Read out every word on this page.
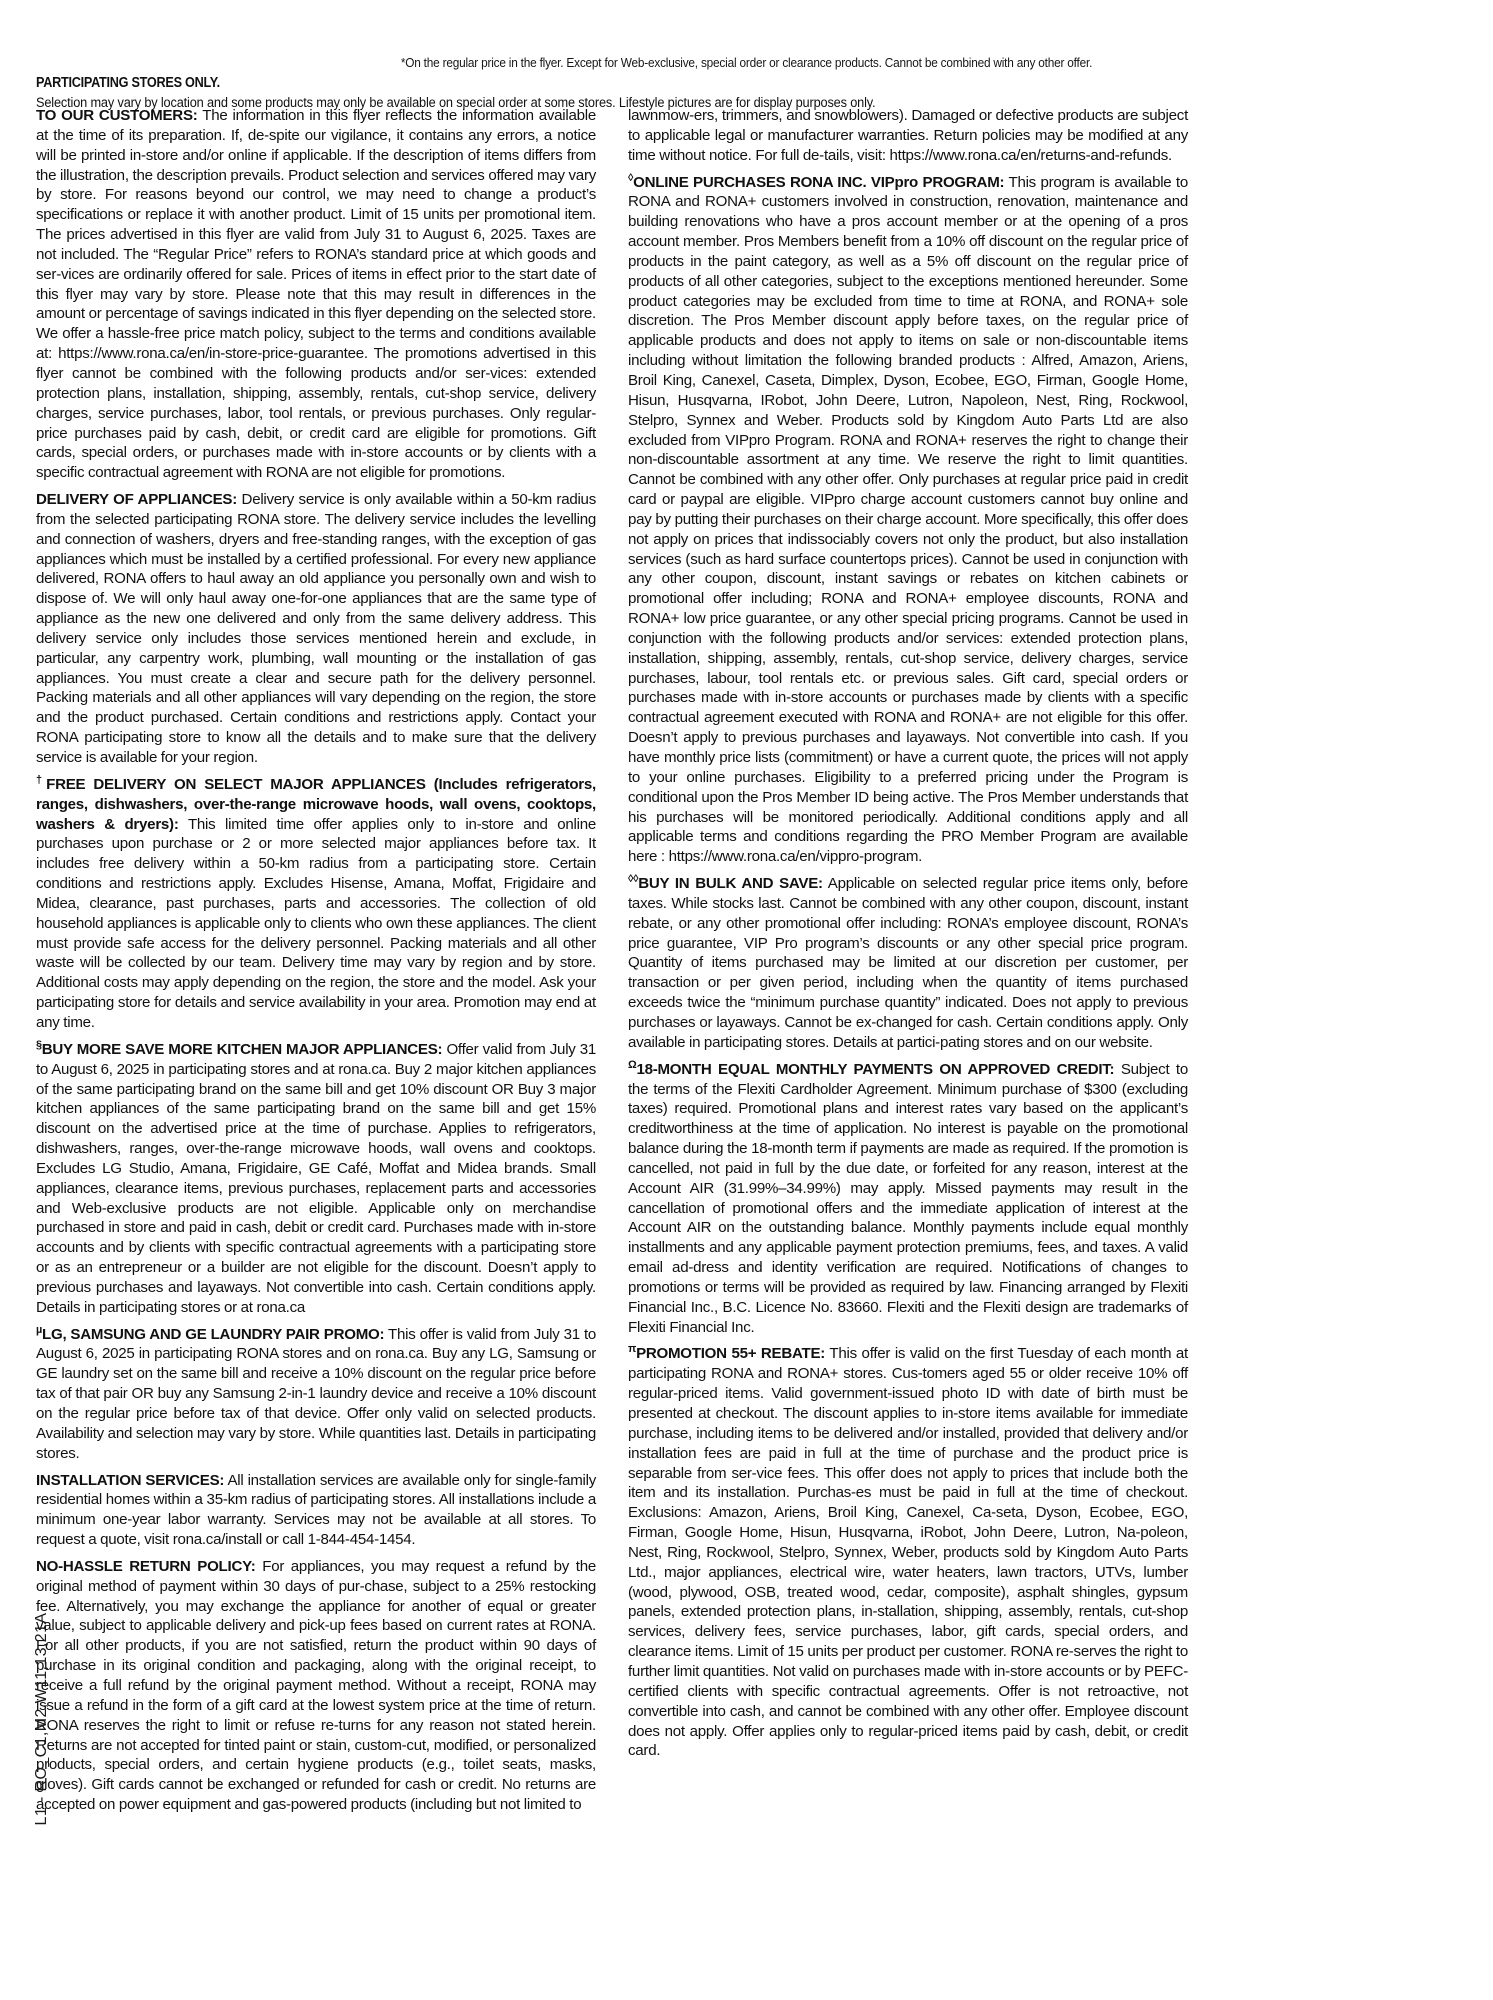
*On the regular price in the flyer. Except for Web-exclusive, special order or clearance products. Cannot be combined with any other offer.
PARTICIPATING STORES ONLY.
Selection may vary by location and some products may only be available on special order at some stores. Lifestyle pictures are for display purposes only.

TO OUR CUSTOMERS: The information in this flyer reflects the information available at the time of its preparation. If, de-spite our vigilance, it contains any errors, a notice will be printed in-store and/or online if applicable. If the description of items differs from the illustration, the description prevails. Product selection and services offered may vary by store. For reasons beyond our control, we may need to change a product’s specifications or replace it with another product. Limit of 15 units per promotional item. The prices advertised in this flyer are valid from July 31 to August 6, 2025. Taxes are not included. The “Regular Price” refers to RONA’s standard price at which goods and ser-vices are ordinarily offered for sale. Prices of items in effect prior to the start date of this flyer may vary by store. Please note that this may result in differences in the amount or percentage of savings indicated in this flyer depending on the selected store. We offer a hassle-free price match policy, subject to the terms and conditions available at: https://www.rona.ca/en/in-store-price-guarantee. The promotions advertised in this flyer cannot be combined with the following products and/or ser-vices: extended protection plans, installation, shipping, assembly, rentals, cut-shop service, delivery charges, service purchases, labor, tool rentals, or previous purchases. Only regular-price purchases paid by cash, debit, or credit card are eligible for promotions. Gift cards, special orders, or purchases made with in-store accounts or by clients with a specific contractual agreement with RONA are not eligible for promotions.

DELIVERY OF APPLIANCES: Delivery service is only available within a 50-km radius from the selected participating RONA store. The delivery service includes the levelling and connection of washers, dryers and free-standing ranges, with the exception of gas appliances which must be installed by a certified professional. For every new appliance delivered, RONA offers to haul away an old appliance you personally own and wish to dispose of. We will only haul away one-for-one appliances that are the same type of appliance as the new one delivered and only from the same delivery address. This delivery service only includes those services mentioned herein and exclude, in particular, any carpentry work, plumbing, wall mounting or the installation of gas appliances. You must create a clear and secure path for the delivery personnel. Packing materials and all other appliances will vary depending on the region, the store and the product purchased. Certain conditions and restrictions apply. Contact your RONA participating store to know all the details and to make sure that the delivery service is available for your region.

†FREE DELIVERY ON SELECT MAJOR APPLIANCES (Includes refrigerators, ranges, dishwashers, over-the-range microwave hoods, wall ovens, cooktops, washers & dryers): This limited time offer applies only to in-store and online purchases upon purchase or 2 or more selected major appliances before tax. It includes free delivery within a 50-km radius from a participating store. Certain conditions and restrictions apply. Excludes Hisense, Amana, Moffat, Frigidaire and Midea, clearance, past purchases, parts and accessories. The collection of old household appliances is applicable only to clients who own these appliances. The client must provide safe access for the delivery personnel. Packing materials and all other waste will be collected by our team. Delivery time may vary by region and by store. Additional costs may apply depending on the region, the store and the model. Ask your participating store for details and service availability in your area. Promotion may end at any time.

§BUY MORE SAVE MORE KITCHEN MAJOR APPLIANCES: Offer valid from July 31 to August 6, 2025 in participating stores and at rona.ca. Buy 2 major kitchen appliances of the same participating brand on the same bill and get 10% discount OR Buy 3 major kitchen appliances of the same participating brand on the same bill and get 15% discount on the advertised price at the time of purchase. Applies to refrigerators, dishwashers, ranges, over-the-range microwave hoods, wall ovens and cooktops. Excludes LG Studio, Amana, Frigidaire, GE Café, Moffat and Midea brands. Small appliances, clearance items, previous purchases, replacement parts and accessories and Web-exclusive products are not eligible. Applicable only on merchandise purchased in store and paid in cash, debit or credit card. Purchases made with in-store accounts and by clients with specific contractual agreements with a participating store or as an entrepreneur or a builder are not eligible for the discount. Doesn’t apply to previous purchases and layaways. Not convertible into cash. Certain conditions apply. Details in participating stores or at rona.ca

$^\mu$LG, SAMSUNG AND GE LAUNDRY PAIR PROMO: This offer is valid from July 31 to August 6, 2025 in participating RONA stores and on rona.ca. Buy any LG, Samsung or GE laundry set on the same bill and receive a 10% discount on the regular price before tax of that pair OR buy any Samsung 2-in-1 laundry device and receive a 10% discount on the regular price before tax of that device. Offer only valid on selected products. Availability and selection may vary by store. While quantities last. Details in participating stores.

INSTALLATION SERVICES: All installation services are available only for single-family residential homes within a 35-km radius of participating stores. All installations include a minimum one-year labor warranty. Services may not be available at all stores. To request a quote, visit rona.ca/install or call 1-844-454-1454.

NO-HASSLE RETURN POLICY: For appliances, you may request a refund by the original method of payment within 30 days of pur-chase, subject to a 25% restocking fee. Alternatively, you may exchange the appliance for another of equal or greater value, subject to applicable delivery and pick-up fees based on current rates at RONA. For all other products, if you are not satisfied, return the product within 90 days of purchase in its original condition and packaging, along with the original receipt, to receive a full refund by the original payment method. Without a receipt, RONA may issue a refund in the form of a gift card at the lowest system price at the time of return. RONA reserves the right to limit or refuse re-turns for any reason not stated herein. Returns are not accepted for tinted paint or stain, custom-cut, modified, or personalized products, special orders, and certain hygiene products (e.g., toilet seats, masks, gloves). Gift cards cannot be exchanged or refunded for cash or credit. No returns are accepted on power equipment and gas-powered products (including but not limited to

lawnmow-ers, trimmers, and snowblowers). Damaged or defective products are subject to applicable legal or manufacturer warranties. Return policies may be modified at any time without notice. For full de-tails, visit: https://www.rona.ca/en/returns-and-refunds.

◊ONLINE PURCHASES RONA INC. VIPpro PROGRAM: This program is available to RONA and RONA+ customers involved in construction, renovation, maintenance and building renovations who have a pros account member or at the opening of a pros account member. Pros Members benefit from a 10% off discount on the regular price of products in the paint category, as well as a 5% off discount on the regular price of products of all other categories, subject to the exceptions mentioned hereunder. Some product categories may be excluded from time to time at RONA, and RONA+ sole discretion. The Pros Member discount apply before taxes, on the regular price of applicable products and does not apply to items on sale or non-discountable items including without limitation the following branded products : Alfred, Amazon, Ariens, Broil King, Canexel, Caseta, Dimplex, Dyson, Ecobee, EGO, Firman, Google Home, Hisun, Husqvarna, IRobot, John Deere, Lutron, Napoleon, Nest, Ring, Rockwool, Stelpro, Synnex and Weber. Products sold by Kingdom Auto Parts Ltd are also excluded from VIPpro Program. RONA and RONA+ reserves the right to change their non-discountable assortment at any time. We reserve the right to limit quantities. Cannot be combined with any other offer. Only purchases at regular price paid in credit card or paypal are eligible. VIPpro charge account customers cannot buy online and pay by putting their purchases on their charge account. More specifically, this offer does not apply on prices that indissociably covers not only the product, but also installation services (such as hard surface countertops prices). Cannot be used in conjunction with any other coupon, discount, instant savings or rebates on kitchen cabinets or promotional offer including; RONA and RONA+ employee discounts, RONA and RONA+ low price guarantee, or any other special pricing programs. Cannot be used in conjunction with the following products and/or services: extended protection plans, installation, shipping, assembly, rentals, cut-shop service, delivery charges, service purchases, labour, tool rentals etc. or previous sales. Gift card, special orders or purchases made with in-store accounts or purchases made by clients with a specific contractual agreement executed with RONA and RONA+ are not eligible for this offer. Doesn’t apply to previous purchases and layaways. Not convertible into cash. If you have monthly price lists (commitment) or have a current quote, the prices will not apply to your online purchases. Eligibility to a preferred pricing under the Program is conditional upon the Pros Member ID being active. The Pros Member understands that his purchases will be monitored periodically. Additional conditions apply and all applicable terms and conditions regarding the PRO Member Program are available here : https://www.rona.ca/en/vippro-program.

◊◊BUY IN BULK AND SAVE: Applicable on selected regular price items only, before taxes. While stocks last. Cannot be combined with any other coupon, discount, instant rebate, or any other promotional offer including: RONA’s employee discount, RONA’s price guarantee, VIP Pro program’s discounts or any other special price program. Quantity of items purchased may be limited at our discretion per customer, per transaction or per given period, including when the quantity of items purchased exceeds twice the “minimum purchase quantity” indicated. Does not apply to previous purchases or layaways. Cannot be ex-changed for cash. Certain conditions apply. Only available in participating stores. Details at partici-pating stores and on our website.

$^\Omega$18-MONTH EQUAL MONTHLY PAYMENTS ON APPROVED CREDIT: Subject to the terms of the Flexiti Cardholder Agreement. Minimum purchase of $300 (excluding taxes) required. Promotional plans and interest rates vary based on the applicant’s creditworthiness at the time of application. No interest is payable on the promotional balance during the 18-month term if payments are made as required. If the promotion is cancelled, not paid in full by the due date, or forfeited for any reason, interest at the Account AIR (31.99%–34.99%) may apply. Missed payments may result in the cancellation of promotional offers and the immediate application of interest at the Account AIR on the outstanding balance. Monthly payments include equal monthly installments and any applicable payment protection premiums, fees, and taxes. A valid email ad-dress and identity verification are required. Notifications of changes to promotions or terms will be provided as required by law. Financing arranged by Flexiti Financial Inc., B.C. Licence No. 83660. Flexiti and the Flexiti design are trademarks of Flexiti Financial Inc.

$^\pi$PROMOTION 55+ REBATE: This offer is valid on the first Tuesday of each month at participating RONA and RONA+ stores. Cus-tomers aged 55 or older receive 10% off regular-priced items. Valid government-issued photo ID with date of birth must be presented at checkout. The discount applies to in-store items available for immediate purchase, including items to be delivered and/or installed, provided that delivery and/or installation fees are paid in full at the time of purchase and the product price is separable from ser-vice fees. This offer does not apply to prices that include both the item and its installation. Purchas-es must be paid in full at the time of checkout. Exclusions: Amazon, Ariens, Broil King, Canexel, Ca-seta, Dyson, Ecobee, EGO, Firman, Google Home, Hisun, Husqvarna, iRobot, John Deere, Lutron, Na-poleon, Nest, Ring, Rockwool, Stelpro, Synnex, Weber, products sold by Kingdom Auto Parts Ltd., major appliances, electrical wire, water heaters, lawn tractors, UTVs, lumber (wood, plywood, OSB, treated wood, cedar, composite), asphalt shingles, gypsum panels, extended protection plans, in-stallation, shipping, assembly, rentals, cut-shop services, delivery fees, service purchases, labor, gift cards, special orders, and clearance items. Limit of 15 units per product per customer. RONA re-serves the right to further limit quantities. Not valid on purchases made with in-store accounts or by PEFC-certified clients with specific contractual agreements. Offer is not retroactive, not convertible into cash, and cannot be combined with any other offer. Employee discount does not apply. Offer applies only to regular-priced items paid by cash, debit, or credit card.

L1 - RO_C1,M2,W11,13,21A
